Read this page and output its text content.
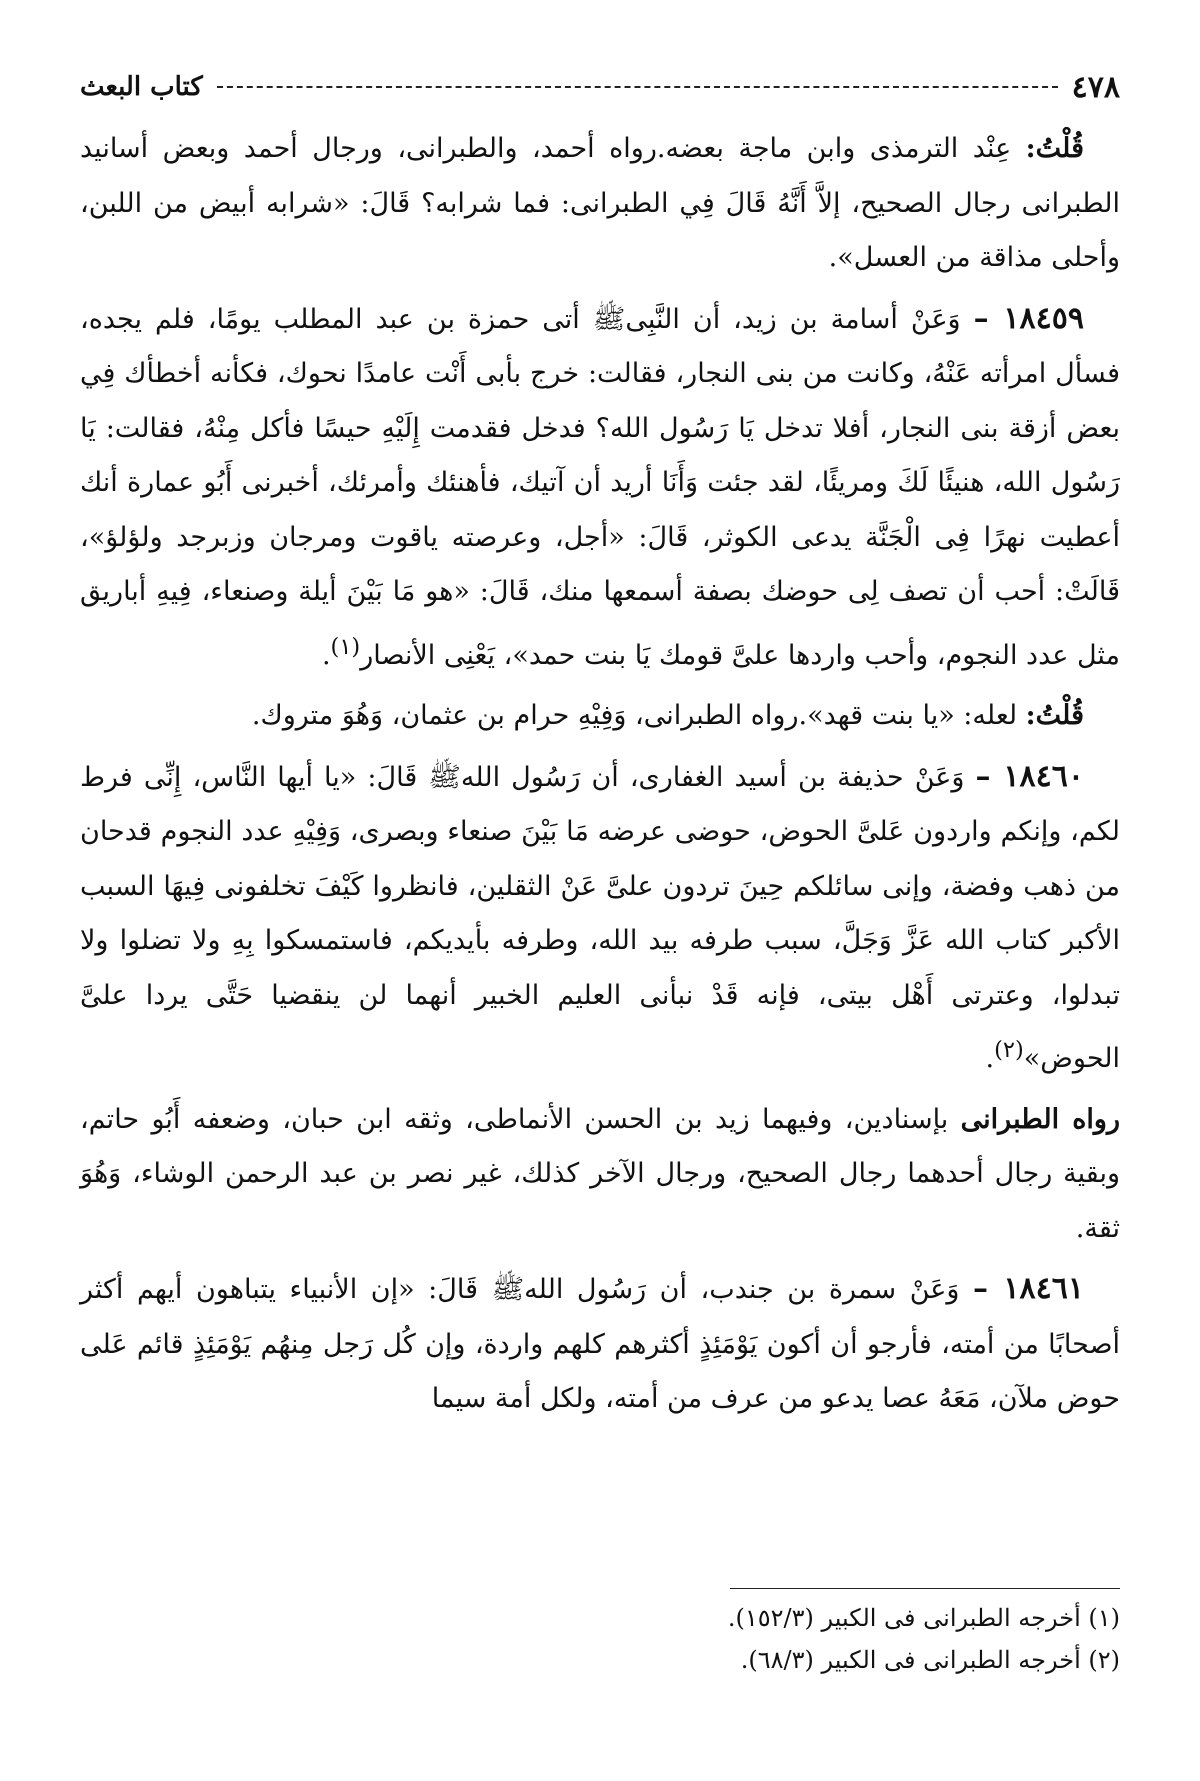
٤٧٨
كتاب البعث

قُلْتُ: عِنْد الترمذى وابن ماجة بعضه.رواه أحمد، والطبرانى، ورجال أحمد وبعض أسانيد الطبرانى رجال الصحيح، إلاَّ أَنَّهُ قَالَ فِي الطبرانى: فما شرابه؟ قَالَ: «شرابه أبيض من اللبن، وأحلى مذاقة من العسل».

١٨٤٥٩ – وَعَنْ أسامة بن زيد، أن النَّبِىﷺ أتى حمزة بن عبد المطلب يومًا، فلم يجده، فسأل امرأته عَنْهُ، وكانت من بنى النجار، فقالت: خرج بأبى أَنْت عامدًا نحوك، فكأنه أخطأك فِي بعض أزقة بنى النجار، أفلا تدخل يَا رَسُول الله؟ فدخل فقدمت إِلَيْهِ حيسًا فأكل مِنْهُ، فقالت: يَا رَسُول الله، هنيئًا لَكَ ومريئًا، لقد جئت وَأَنَا أريد أن آتيك، فأهنئك وأمرئك، أخبرنى أَبُو عمارة أنك أعطيت نهرًا فِى الْجَنَّة يدعى الكوثر، قَالَ: «أجل، وعرصته ياقوت ومرجان وزبرجد ولؤلؤ»، قَالَتْ: أحب أن تصف لِى حوضك بصفة أسمعها منك، قَالَ: «هو مَا بَيْنَ أيلة وصنعاء، فِيهِ أباريق مثل عدد النجوم، وأحب واردها علىَّ قومك يَا بنت حمد»، يَعْنِى الأنصار$^{(١)}$.

قُلْتُ: لعله: «يا بنت قهد».رواه الطبرانى، وَفِيْهِ حرام بن عثمان، وَهُوَ متروك.

١٨٤٦٠ – وَعَنْ حذيفة بن أسيد الغفارى، أن رَسُول اللهﷺ قَالَ: «يا أيها النَّاس، إِنِّى فرط لكم، وإنكم واردون عَلىَّ الحوض، حوضى عرضه مَا بَيْنَ صنعاء وبصرى، وَفِيْهِ عدد النجوم قدحان من ذهب وفضة، وإنى سائلكم حِينَ تردون علىَّ عَنْ الثقلين، فانظروا كَيْفَ تخلفونى فِيهَا السبب الأكبر كتاب الله عَزَّ وَجَلَّ، سبب طرفه بيد الله، وطرفه بأيديكم، فاستمسكوا بِهِ ولا تضلوا ولا تبدلوا، وعترتى أَهْل بيتى، فإنه قَدْ نبأنى العليم الخبير أنهما لن ينقضيا حَتَّى يردا علىَّ الحوض»$^{(٢)}$.

رواه الطبرانى بإسنادين، وفيهما زيد بن الحسن الأنماطى، وثقه ابن حبان، وضعفه أَبُو حاتم، وبقية رجال أحدهما رجال الصحيح، ورجال الآخر كذلك، غير نصر بن عبد الرحمن الوشاء، وَهُوَ ثقة.

١٨٤٦١ – وَعَنْ سمرة بن جندب، أن رَسُول اللهﷺ قَالَ: «إن الأنبياء يتباهون أيهم أكثر أصحابًا من أمته، فأرجو أن أكون يَوْمَئِذٍ أكثرهم كلهم واردة، وإن كُل رَجل مِنهُم يَوْمَئِذٍ قائم عَلى حوض ملآن، مَعَهُ عصا يدعو من عرف من أمته، ولكل أمة سيما

(١) أخرجه الطبرانى فى الكبير (١٥٢/٣).

(٢) أخرجه الطبرانى فى الكبير (٦٨/٣).
